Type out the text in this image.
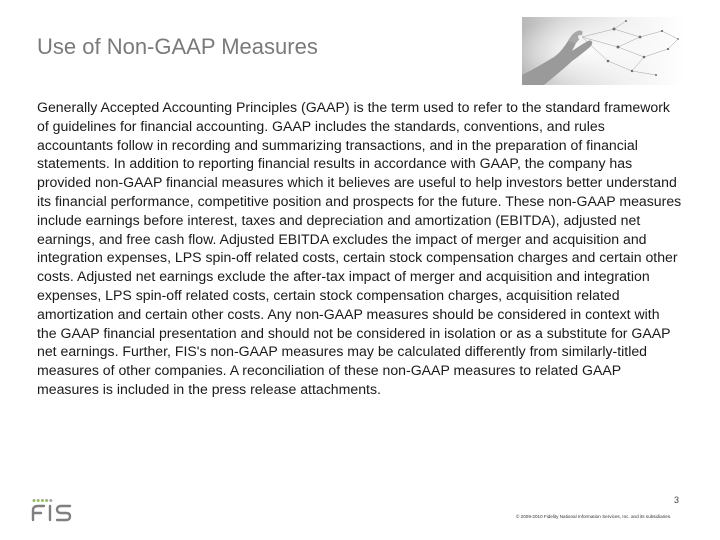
Use of Non-GAAP Measures

Generally Accepted Accounting Principles (GAAP) is the term used to refer to the standard framework of guidelines for financial accounting. GAAP includes the standards, conventions, and rules accountants follow in recording and summarizing transactions, and in the preparation of financial statements. In addition to reporting financial results in accordance with GAAP, the company has provided non-GAAP financial measures which it believes are useful to help investors better understand its financial performance, competitive position and prospects for the future. These non-GAAP measures include earnings before interest, taxes and depreciation and amortization (EBITDA), adjusted net earnings, and free cash flow. Adjusted EBITDA excludes the impact of merger and acquisition and integration expenses, LPS spin-off related costs, certain stock compensation charges and certain other costs. Adjusted net earnings exclude the after-tax impact of merger and acquisition and integration expenses, LPS spin-off related costs, certain stock compensation charges, acquisition related amortization and certain other costs. Any non-GAAP measures should be considered in context with the GAAP financial presentation and should not be considered in isolation or as a substitute for GAAP net earnings. Further, FIS's non-GAAP measures may be calculated differently from similarly-titled measures of other companies. A reconciliation of these non-GAAP measures to related GAAP measures is included in the press release attachments.

3
© 2009-2010 Fidelity National Information Services, Inc. and its subsidiaries.
